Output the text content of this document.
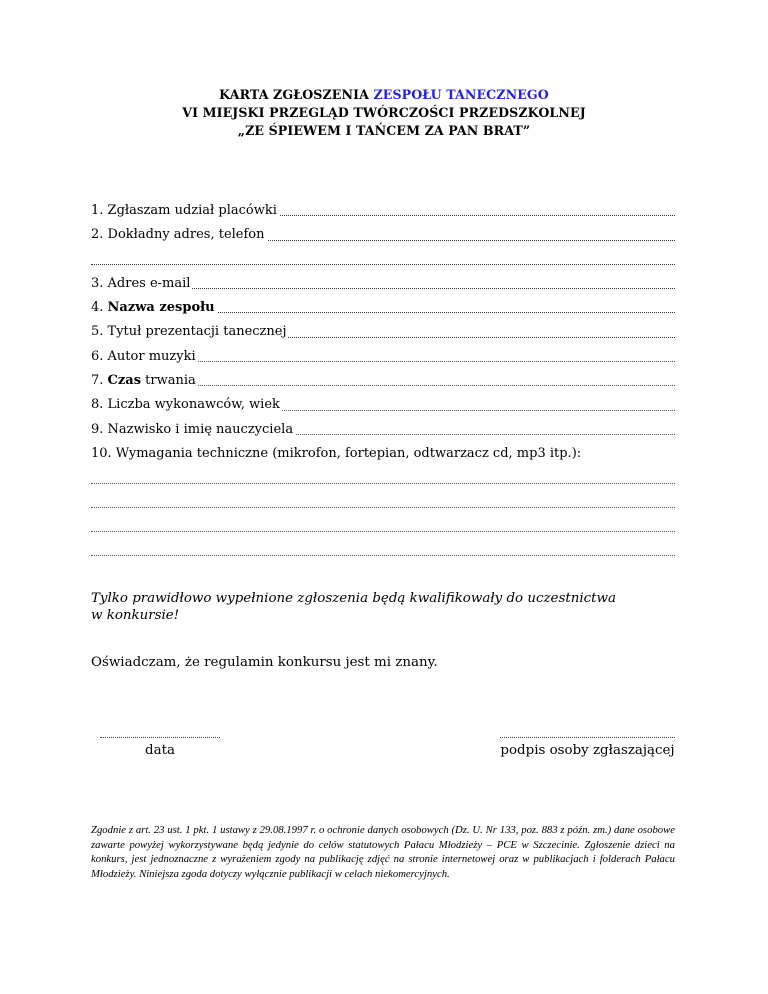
KARTA ZGŁOSZENIA ZESPOŁU TANECZNEGO
VI MIEJSKI PRZEGLĄD TWÓRCZOŚCI PRZEDSZKOLNEJ
„ZE ŚPIEWEM I TAŃCEM ZA PAN BRAT”
1. Zgłaszam udział placówki
2. Dokładny adres, telefon
3. Adres e-mail
4. Nazwa zespołu
5. Tytuł prezentacji tanecznej
6. Autor muzyki
7. Czas trwania
8. Liczba wykonawców, wiek
9. Nazwisko i imię nauczyciela
10. Wymagania techniczne (mikrofon, fortepian, odtwarzacz cd, mp3 itp.):
Tylko prawidłowo wypełnione zgłoszenia będą kwalifikowały do uczestnictwa
w konkursie!
Oświadczam, że regulamin konkursu jest mi znany.
data	podpis osoby zgłaszającej
Zgodnie z art. 23 ust. 1 pkt. 1 ustawy z 29.08.1997 r. o ochronie danych osobowych (Dz. U. Nr 133, poz. 883 z późn. zm.) dane osobowe zawarte powyżej wykorzystywane będą jedynie do celów statutowych Pałacu Młodzieży – PCE w Szczecinie. Zgłoszenie dzieci na konkurs, jest jednoznaczne z wyrażeniem zgody na publikację zdjęć na stronie internetowej oraz w publikacjach i folderach Pałacu Młodzieży. Niniejsza zgoda dotyczy wyłącznie publikacji w celach niekomercyjnych.
